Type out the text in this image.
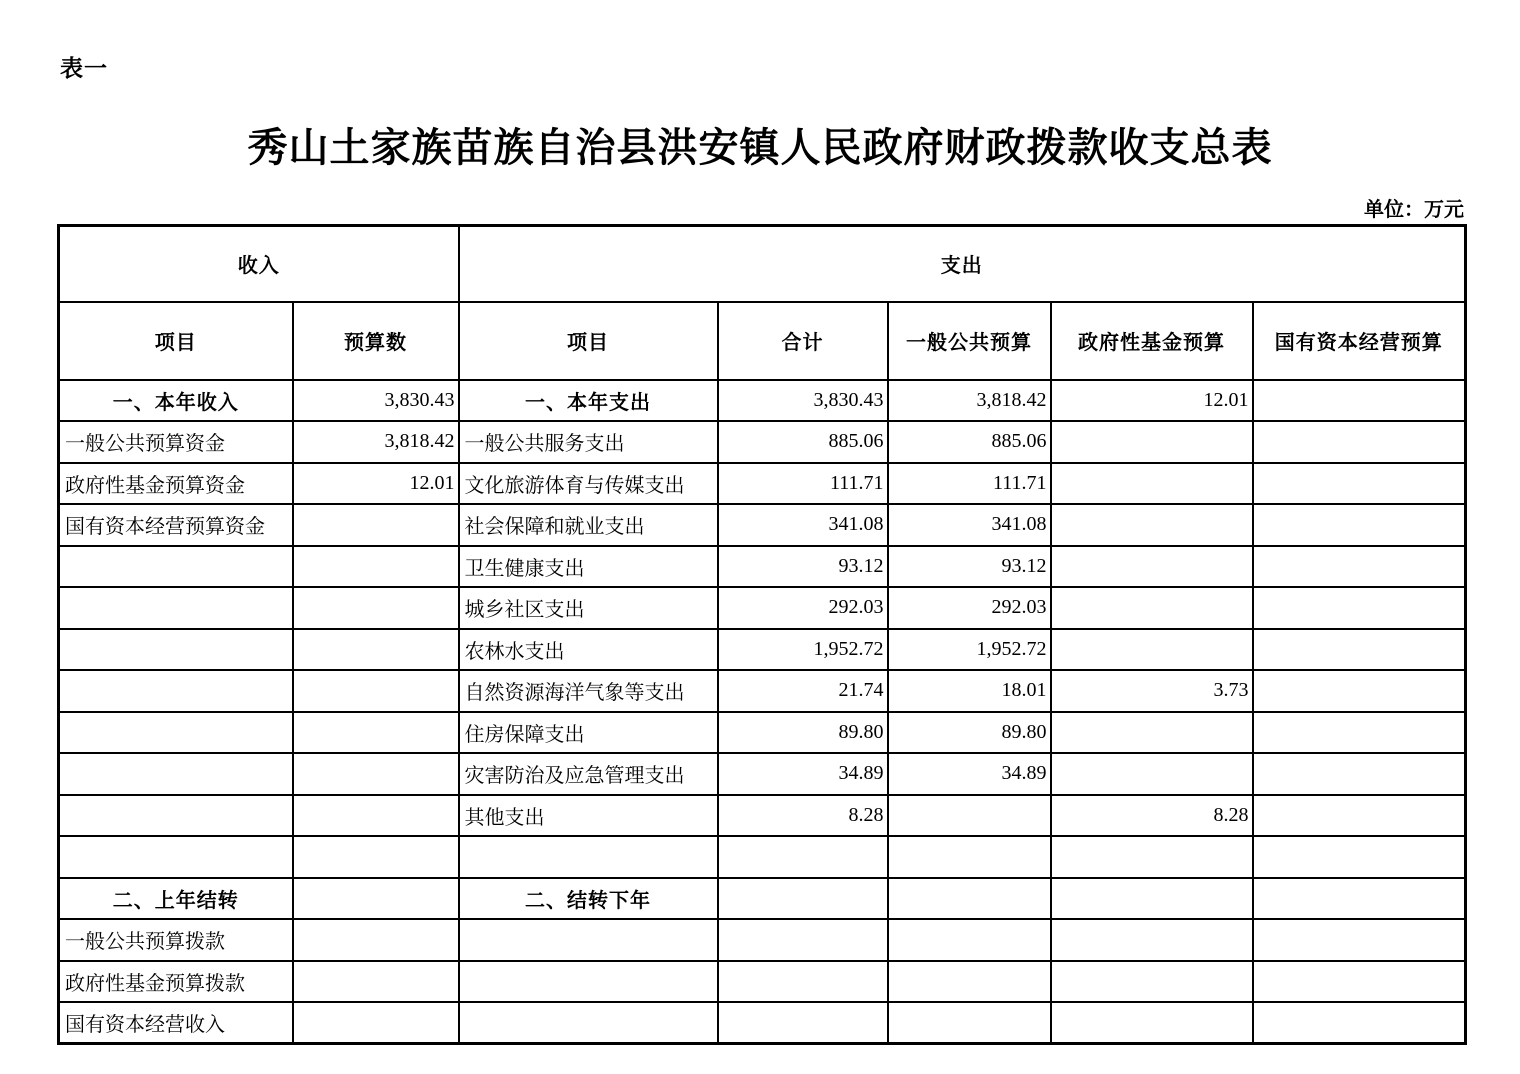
表一
秀山土家族苗族自治县洪安镇人民政府财政拨款收支总表
单位：万元
收入		支出				
项目	预算数	项目	合计	一般公共预算	政府性基金预算	国有资本经营预算
一、本年收入	3,830.43	一、本年支出	3,830.43	3,818.42	12.01	
一般公共预算资金	3,818.42	一般公共服务支出	885.06	885.06		
政府性基金预算资金	12.01	文化旅游体育与传媒支出	111.71	111.71		
国有资本经营预算资金		社会保障和就业支出	341.08	341.08		
		卫生健康支出	93.12	93.12		
		城乡社区支出	292.03	292.03		
		农林水支出	1,952.72	1,952.72		
		自然资源海洋气象等支出	21.74	18.01	3.73	
		住房保障支出	89.80	89.80		
		灾害防治及应急管理支出	34.89	34.89		
		其他支出	8.28		8.28	

二、上年结转		二、结转下年				
一般公共预算拨款						
政府性基金预算拨款						
国有资本经营收入						
